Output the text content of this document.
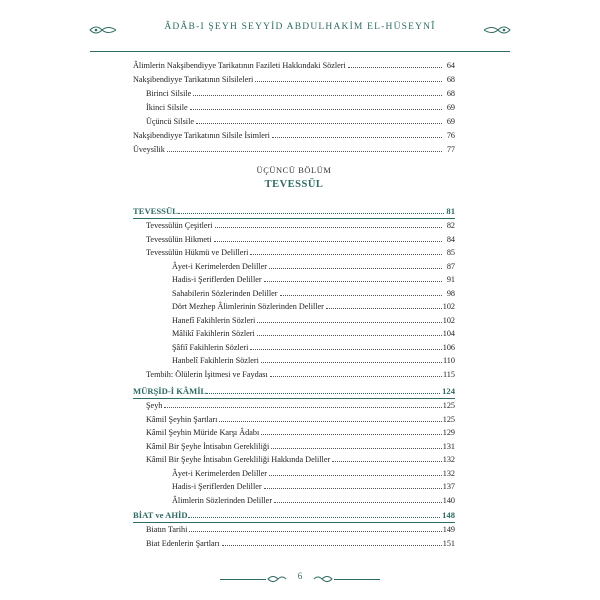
ÂDÂB-I ŞEYH SEYYİD ABDULHAKİM EL-HÜSEYNÎ
Âlimlerin Nakşibendiyye Tarikatının Fazileti Hakkındaki Sözleri	64
Nakşibendiyye Tarikatının Silsileleri	68
Birinci Silsile	68
İkinci Silsile	69
Üçüncü Silsile	69
Nakşibendiyye Tarikatının Silsile İsimleri	76
Üveysîlik	77
ÜÇÜNCÜ BÖLÜM
TEVESSÜL
TEVESSÜL	81
Tevessülün Çeşitleri	82
Tevessülün Hikmeti	84
Tevessülün Hükmü ve Delilleri	85
Âyet-i Kerimelerden Deliller	87
Hadis-i Şeriflerden Deliller	91
Sahabilerin Sözlerinden Deliller	98
Dört Mezhep Âlimlerinin Sözlerinden Deliller	102
Hanefî Fakihlerin Sözleri	102
Mâlikî Fakihlerin Sözleri	104
Şâfiî Fakihlerin Sözleri	106
Hanbelî Fakihlerin Sözleri	110
Tembih: Ölülerin İşitmesi ve Faydası	115
MÜRŞİD-İ KÂMİL	124
Şeyh	125
Kâmil Şeyhin Şartları	125
Kâmil Şeyhin Müride Karşı Âdabı	129
Kâmil Bir Şeyhe İntisabın Gerekliliği	131
Kâmil Bir Şeyhe İntisabın Gerekliliği Hakkında Deliller	132
Âyet-i Kerimelerden Deliller	132
Hadis-i Şeriflerden Deliller	137
Âlimlerin Sözlerinden Deliller	140
BİAT ve AHİD	148
Biatın Tarihi	149
Biat Edenlerin Şartları	151
6
